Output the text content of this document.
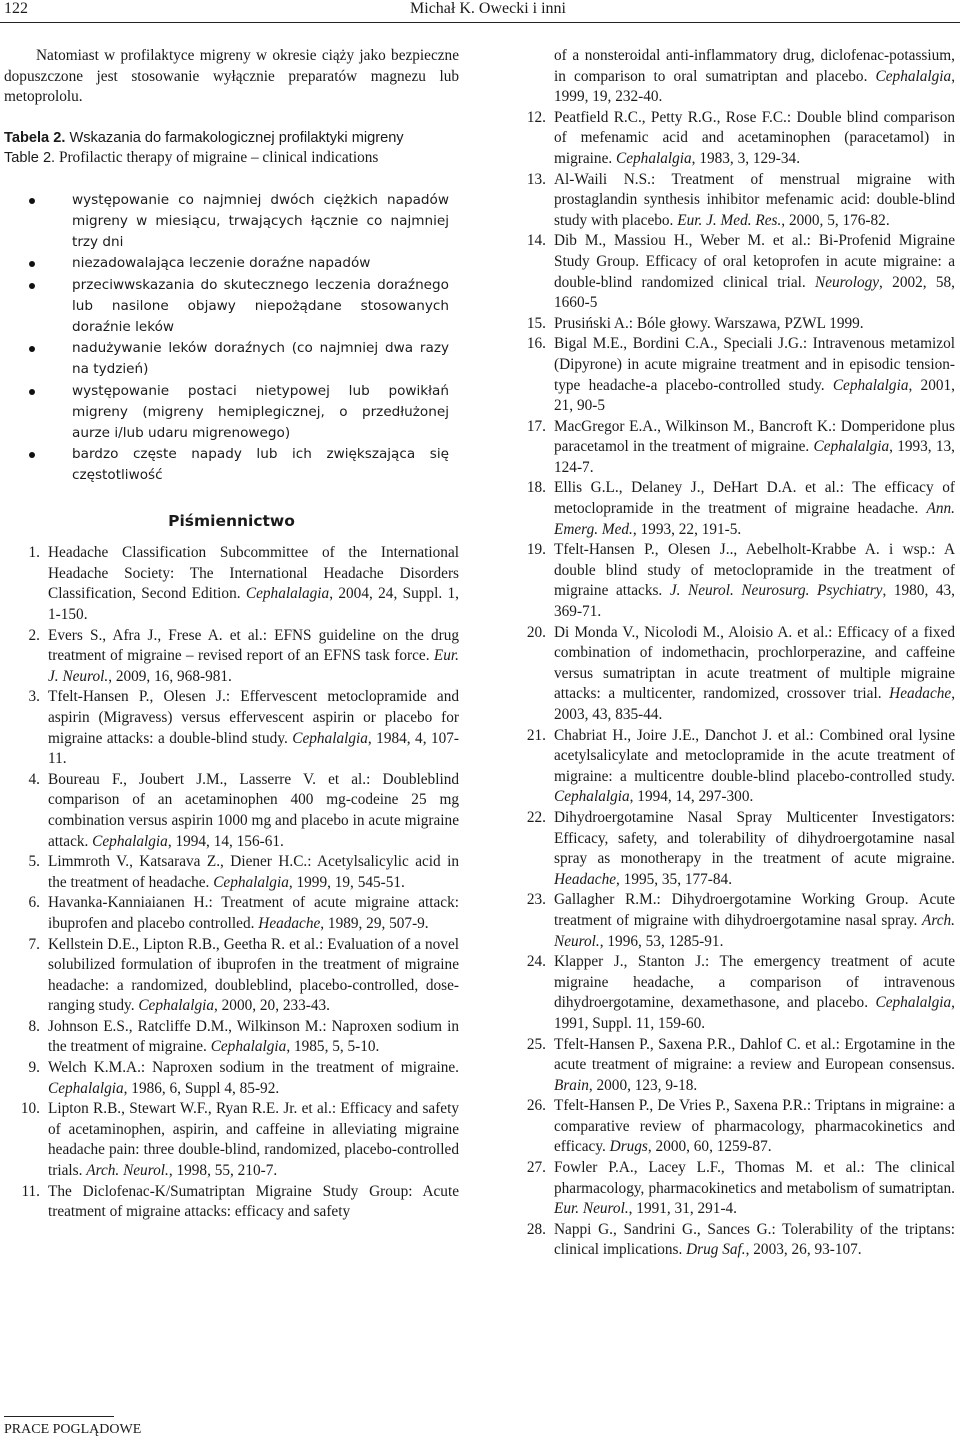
122	Michał K. Owecki i inni

Natomiast w profilaktyce migreny w okresie ciąży jako bezpieczne dopuszczone jest stosowanie wyłącznie preparatów magnezu lub metoprololu.

Tabela 2. Wskazania do farmakologicznej profilaktyki migreny

Table 2. Profilactic therapy of migraine – clinical indications

występowanie co najmniej dwóch ciężkich napadów migreny w miesiącu, trwających łącznie co najmniej trzy dni
niezadowalająca leczenie doraźne napadów
przeciwwskazania do skutecznego leczenia doraźnego lub nasilone objawy niepożądane stosowanych doraźnie leków
nadużywanie leków doraźnych (co najmniej dwa razy na tydzień)
występowanie postaci nietypowej lub powikłań migreny (migreny hemiplegicznej, o przedłużonej aurze i/lub udaru migrenowego)
bardzo częste napady lub ich zwiększająca się częstotliwość
Piśmiennictwo
1. Headache Classification Subcommittee of the International Headache Society: The International Headache Disorders Classification, Second Edition. Cephalalagia, 2004, 24, Suppl. 1, 1-150.
2. Evers S., Afra J., Frese A. et al.: EFNS guideline on the drug treatment of migraine – revised report of an EFNS task force. Eur. J. Neurol., 2009, 16, 968-981.
3. Tfelt-Hansen P., Olesen J.: Effervescent metoclopramide and aspirin (Migravess) versus effervescent aspirin or placebo for migraine attacks: a double-blind study. Cephalalgia, 1984, 4, 107-11.
4. Boureau F., Joubert J.M., Lasserre V. et al.: Doubleblind comparison of an acetaminophen 400 mg-codeine 25 mg combination versus aspirin 1000 mg and placebo in acute migraine attack. Cephalalgia, 1994, 14, 156-61.
5. Limmroth V., Katsarava Z., Diener H.C.: Acetylsalicylic acid in the treatment of headache. Cephalalgia, 1999, 19, 545-51.
6. Havanka-Kanniaianen H.: Treatment of acute migraine attack: ibuprofen and placebo controlled. Headache, 1989, 29, 507-9.
7. Kellstein D.E., Lipton R.B., Geetha R. et al.: Evaluation of a novel solubilized formulation of ibuprofen in the treatment of migraine headache: a randomized, doubleblind, placebo-controlled, dose-ranging study. Cephalalgia, 2000, 20, 233-43.
8. Johnson E.S., Ratcliffe D.M., Wilkinson M.: Naproxen sodium in the treatment of migraine. Cephalalgia, 1985, 5, 5-10.
9. Welch K.M.A.: Naproxen sodium in the treatment of migraine. Cephalalgia, 1986, 6, Suppl 4, 85-92.
10. Lipton R.B., Stewart W.F., Ryan R.E. Jr. et al.: Efficacy and safety of acetaminophen, aspirin, and caffeine in alleviating migraine headache pain: three double-blind, randomized, placebo-controlled trials. Arch. Neurol., 1998, 55, 210-7.
11. The Diclofenac-K/Sumatriptan Migraine Study Group: Acute treatment of migraine attacks: efficacy and safety
of a nonsteroidal anti-inflammatory drug, diclofenac-potassium, in comparison to oral sumatriptan and placebo. Cephalalgia, 1999, 19, 232-40.
12. Peatfield R.C., Petty R.G., Rose F.C.: Double blind comparison of mefenamic acid and acetaminophen (paracetamol) in migraine. Cephalalgia, 1983, 3, 129-34.
13. Al-Waili N.S.: Treatment of menstrual migraine with prostaglandin synthesis inhibitor mefenamic acid: double-blind study with placebo. Eur. J. Med. Res., 2000, 5, 176-82.
14. Dib M., Massiou H., Weber M. et al.: Bi-Profenid Migraine Study Group. Efficacy of oral ketoprofen in acute migraine: a double-blind randomized clinical trial. Neurology, 2002, 58, 1660-5
15. Prusiński A.: Bóle głowy. Warszawa, PZWL 1999.
16. Bigal M.E., Bordini C.A., Speciali J.G.: Intravenous metamizol (Dipyrone) in acute migraine treatment and in episodic tension-type headache-a placebo-controlled study. Cephalalgia, 2001, 21, 90-5
17. MacGregor E.A., Wilkinson M., Bancroft K.: Domperidone plus paracetamol in the treatment of migraine. Cephalalgia, 1993, 13, 124-7.
18. Ellis G.L., Delaney J., DeHart D.A. et al.: The efficacy of metoclopramide in the treatment of migraine headache. Ann. Emerg. Med., 1993, 22, 191-5.
19. Tfelt-Hansen P., Olesen J.., Aebelholt-Krabbe A. i wsp.: A double blind study of metoclopramide in the treatment of migraine attacks. J. Neurol. Neurosurg. Psychiatry, 1980, 43, 369-71.
20. Di Monda V., Nicolodi M., Aloisio A. et al.: Efficacy of a fixed combination of indomethacin, prochlorperazine, and caffeine versus sumatriptan in acute treatment of multiple migraine attacks: a multicenter, randomized, crossover trial. Headache, 2003, 43, 835-44.
21. Chabriat H., Joire J.E., Danchot J. et al.: Combined oral lysine acetylsalicylate and metoclopramide in the acute treatment of migraine: a multicentre double-blind placebo-controlled study. Cephalalgia, 1994, 14, 297-300.
22. Dihydroergotamine Nasal Spray Multicenter Investigators: Efficacy, safety, and tolerability of dihydroergotamine nasal spray as monotherapy in the treatment of acute migraine. Headache, 1995, 35, 177-84.
23. Gallagher R.M.: Dihydroergotamine Working Group. Acute treatment of migraine with dihydroergotamine nasal spray. Arch. Neurol., 1996, 53, 1285-91.
24. Klapper J., Stanton J.: The emergency treatment of acute migraine headache, a comparison of intravenous dihydroergotamine, dexamethasone, and placebo. Cephalalgia, 1991, Suppl. 11, 159-60.
25. Tfelt-Hansen P., Saxena P.R., Dahlof C. et al.: Ergotamine in the acute treatment of migraine: a review and European consensus. Brain, 2000, 123, 9-18.
26. Tfelt-Hansen P., De Vries P., Saxena P.R.: Triptans in migraine: a comparative review of pharmacology, pharmacokinetics and efficacy. Drugs, 2000, 60, 1259-87.
27. Fowler P.A., Lacey L.F., Thomas M. et al.: The clinical pharmacology, pharmacokinetics and metabolism of sumatriptan. Eur. Neurol., 1991, 31, 291-4.
28. Nappi G., Sandrini G., Sances G.: Tolerability of the triptans: clinical implications. Drug Saf., 2003, 26, 93-107.
PRACE POGLĄDOWE
